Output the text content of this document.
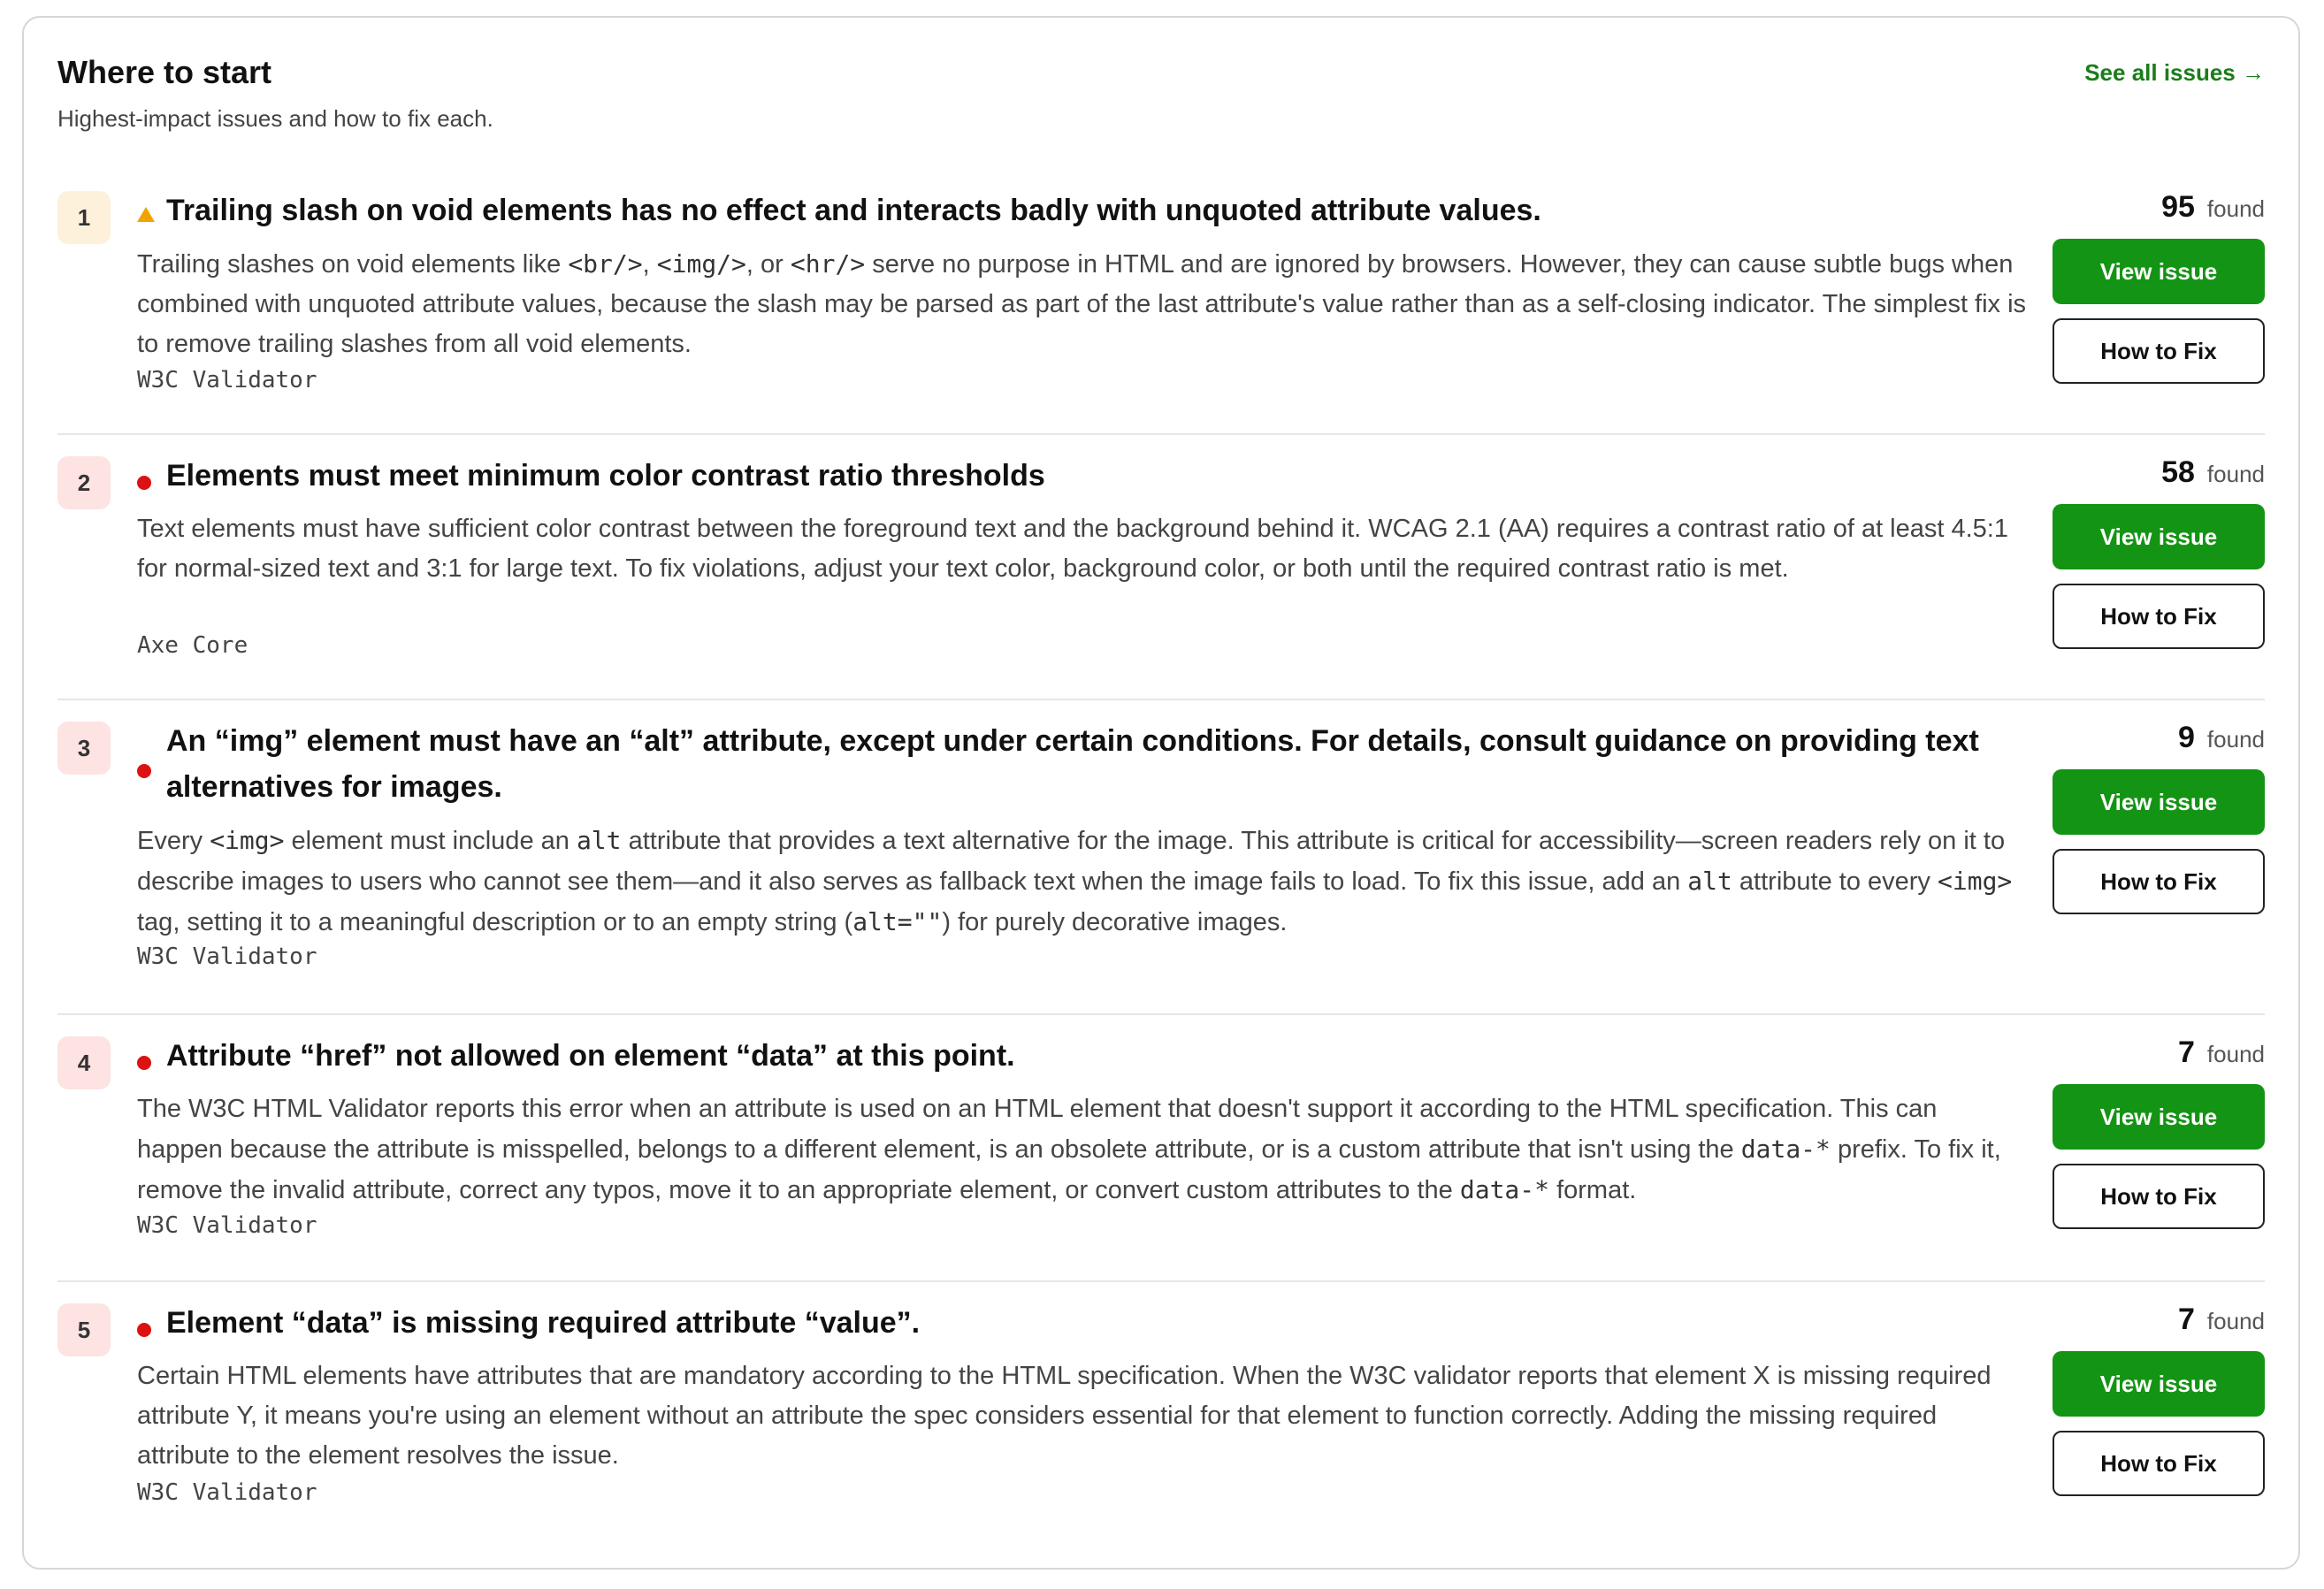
Where to start
Highest-impact issues and how to fix each.
See all issues →
1	Trailing slash on void elements has no effect and interacts badly with unquoted attribute values.
Trailing slashes on void elements like <br/>, <img/>, or <hr/> serve no purpose in HTML and are ignored by browsers. However, they can cause subtle bugs when combined with unquoted attribute values, because the slash may be parsed as part of the last attribute's value rather than as a self-closing indicator. The simplest fix is to remove trailing slashes from all void elements.
W3C Validator
95 found
View issue
How to Fix
2	Elements must meet minimum color contrast ratio thresholds
Text elements must have sufficient color contrast between the foreground text and the background behind it. WCAG 2.1 (AA) requires a contrast ratio of at least 4.5:1 for normal-sized text and 3:1 for large text. To fix violations, adjust your text color, background color, or both until the required contrast ratio is met.
Axe Core
58 found
View issue
How to Fix
3	An “img” element must have an “alt” attribute, except under certain conditions. For details, consult guidance on providing text alternatives for images.
Every <img> element must include an alt attribute that provides a text alternative for the image. This attribute is critical for accessibility—screen readers rely on it to describe images to users who cannot see them—and it also serves as fallback text when the image fails to load. To fix this issue, add an alt attribute to every <img> tag, setting it to a meaningful description or to an empty string (alt="") for purely decorative images.
W3C Validator
9 found
View issue
How to Fix
4	Attribute “href” not allowed on element “data” at this point.
The W3C HTML Validator reports this error when an attribute is used on an HTML element that doesn't support it according to the HTML specification. This can happen because the attribute is misspelled, belongs to a different element, is an obsolete attribute, or is a custom attribute that isn't using the data-* prefix. To fix it, remove the invalid attribute, correct any typos, move it to an appropriate element, or convert custom attributes to the data-* format.
W3C Validator
7 found
View issue
How to Fix
5	Element “data” is missing required attribute “value”.
Certain HTML elements have attributes that are mandatory according to the HTML specification. When the W3C validator reports that element X is missing required attribute Y, it means you're using an element without an attribute the spec considers essential for that element to function correctly. Adding the missing required attribute to the element resolves the issue.
W3C Validator
7 found
View issue
How to Fix
